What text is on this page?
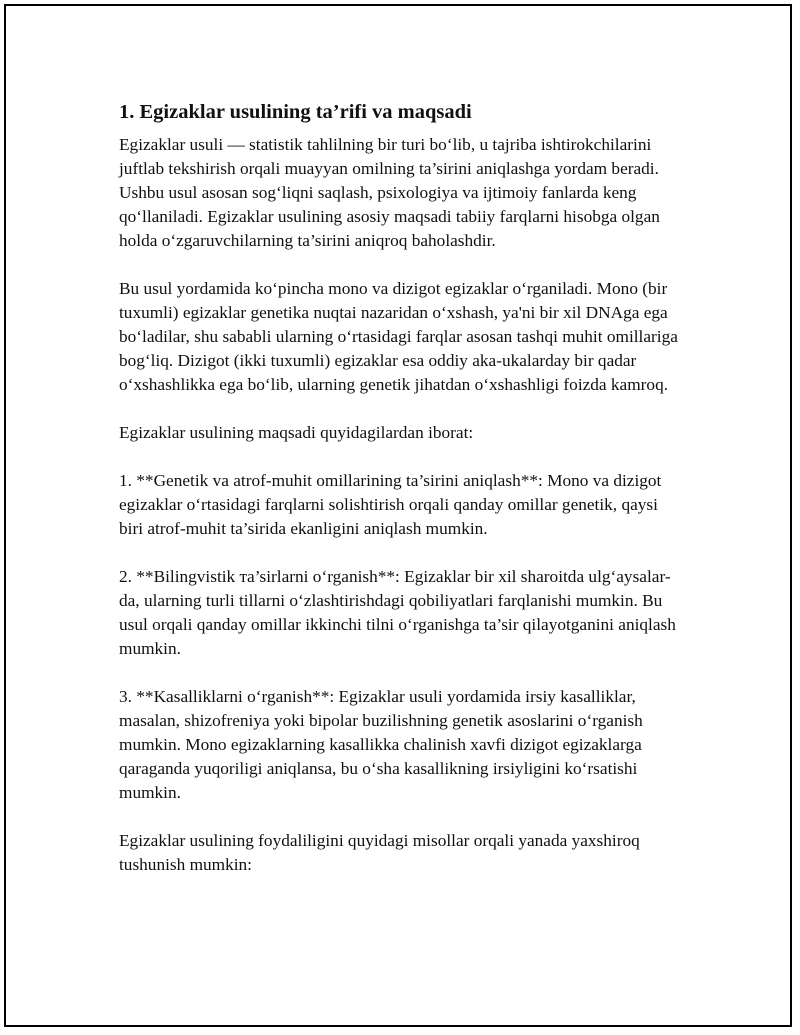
1. Egizaklar usulining ta’rifi va maqsadi

Egizaklar usuli — statistik tahlilning bir turi bo‘lib, u tajriba ishtirokchilarini juftlab tekshirish orqali muayyan omilning ta’sirini aniqlashga yordam beradi. Ushbu usul asosan sog‘liqni saqlash, psixologiya va ijtimoiy fanlarda keng qo‘llaniladi. Egizaklar usulining asosiy maqsadi tabiiy farqlarni hisobga olgan holda o‘zgaruvchilarning ta’sirini aniqroq baholashdir.

Bu usul yordamida ko‘pincha mono va dizigot egizaklar o‘rganiladi. Mono (bir tuxumli) egizaklar genetika nuqtai nazaridan o‘xshash, ya'ni bir xil DNAga ega bo‘ladilar, shu sababli ularning o‘rtasidagi farqlar asosan tashqi muhit omillariga bog‘liq. Dizigot (ikki tuxumli) egizaklar esa oddiy aka-ukalarday bir qadar o‘xshashlikka ega bo‘lib, ularning genetik jihatdan o‘xshashligi foizda kamroq.

Egizaklar usulining maqsadi quyidagilardan iborat:

1. **Genetik va atrof-muhit omillarining ta’sirini aniqlash**: Mono va dizigot egizaklar o‘rtasidagi farqlarni solishtirish orqali qanday omillar genetik, qaysi biri atrof-muhit ta’sirida ekanligini aniqlash mumkin.

2. **Bilingvistik тa’sirlarni o‘rganish**: Egizaklar bir xil sharoitda ulg‘aysalar-da, ularning turli tillarni o‘zlashtirishdagi qobiliyatlari farqlanishi mumkin. Bu usul orqali qanday omillar ikkinchi tilni o‘rganishga ta’sir qilayotganini aniqlash mumkin.

3. **Kasalliklarni o‘rganish**: Egizaklar usuli yordamida irsiy kasalliklar, masalan, shizofreniya yoki bipolar buzilishning genetik asoslarini o‘rganish mumkin. Mono egizaklarning kasallikka chalinish xavfi dizigot egizaklarga qaraganda yuqoriligi aniqlansa, bu o‘sha kasallikning irsiyligini ko‘rsatishi mumkin.

Egizaklar usulining foydaliligini quyidagi misollar orqali yanada yaxshiroq tushunish mumkin:
